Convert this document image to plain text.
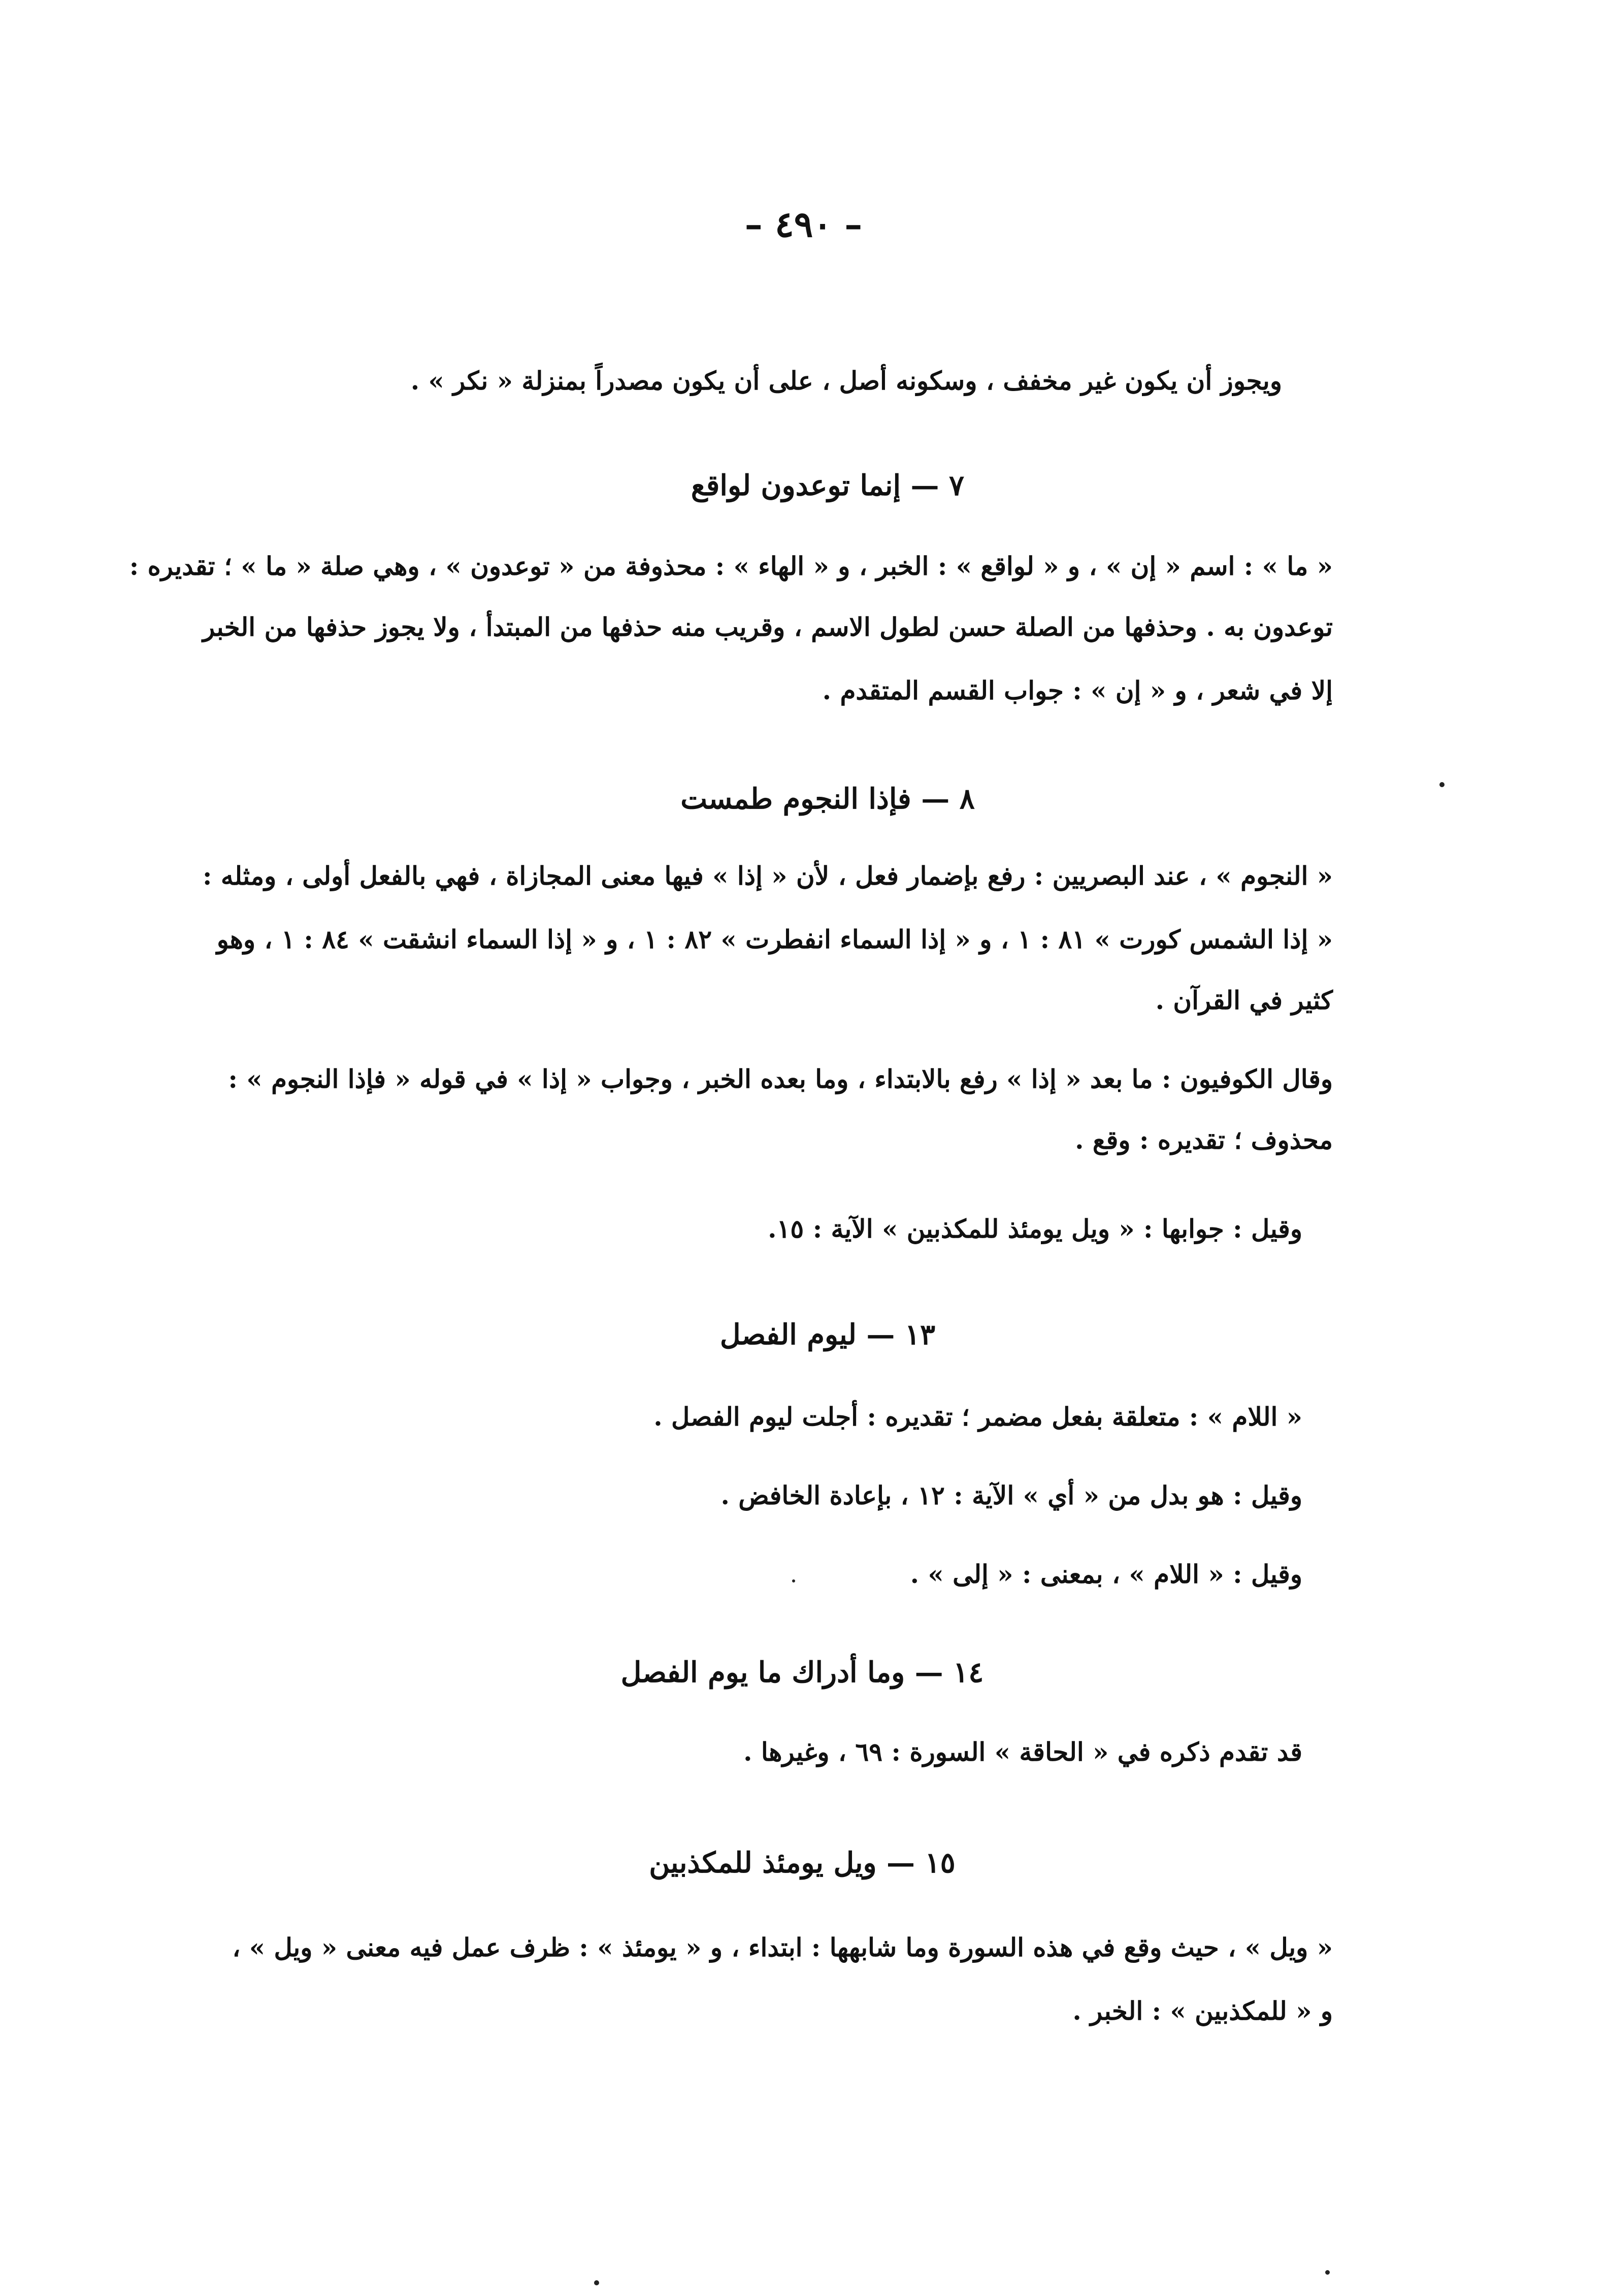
– ٤٩٠ –
ويجوز أن يكون غير مخفف ، وسكونه أصل ، على أن يكون مصدراً بمنزلة « نكر » .
٧ — إنما توعدون لواقع
« ما » : اسم « إن » ، و « لواقع » : الخبر ، و « الهاء » : محذوفة من « توعدون » ، وهي صلة « ما » ؛ تقديره :
توعدون به . وحذفها من الصلة حسن لطول الاسم ، وقريب منه حذفها من المبتدأ ، ولا يجوز حذفها من الخبر
إلا في شعر ، و « إن » : جواب القسم المتقدم .
٨ — فإذا النجوم طمست
« النجوم » ، عند البصريين : رفع بإضمار فعل ، لأن « إذا » فيها معنى المجازاة ، فهي بالفعل أولى ، ومثله :
« إذا الشمس كورت » ٨١ : ١ ، و « إذا السماء انفطرت » ٨٢ : ١ ، و « إذا السماء انشقت » ٨٤ : ١ ، وهو
كثير في القرآن .
وقال الكوفيون : ما بعد « إذا » رفع بالابتداء ، وما بعده الخبر ، وجواب « إذا » في قوله « فإذا النجوم » :
محذوف ؛ تقديره : وقع .
وقيل : جوابها : « ويل يومئذ للمكذبين » الآية : ١٥.
١٣ — ليوم الفصل
« اللام » : متعلقة بفعل مضمر ؛ تقديره : أجلت ليوم الفصل .
وقيل : هو بدل من « أي » الآية : ١٢ ، بإعادة الخافض .
وقيل : « اللام » ، بمعنى : « إلى » .
١٤ — وما أدراك ما يوم الفصل
قد تقدم ذكره في « الحاقة » السورة : ٦٩ ، وغيرها .
١٥ — ويل يومئذ للمكذبين
« ويل » ، حيث وقع في هذه السورة وما شابهها : ابتداء ، و « يومئذ » : ظرف عمل فيه معنى « ويل » ،
و « للمكذبين » : الخبر .
